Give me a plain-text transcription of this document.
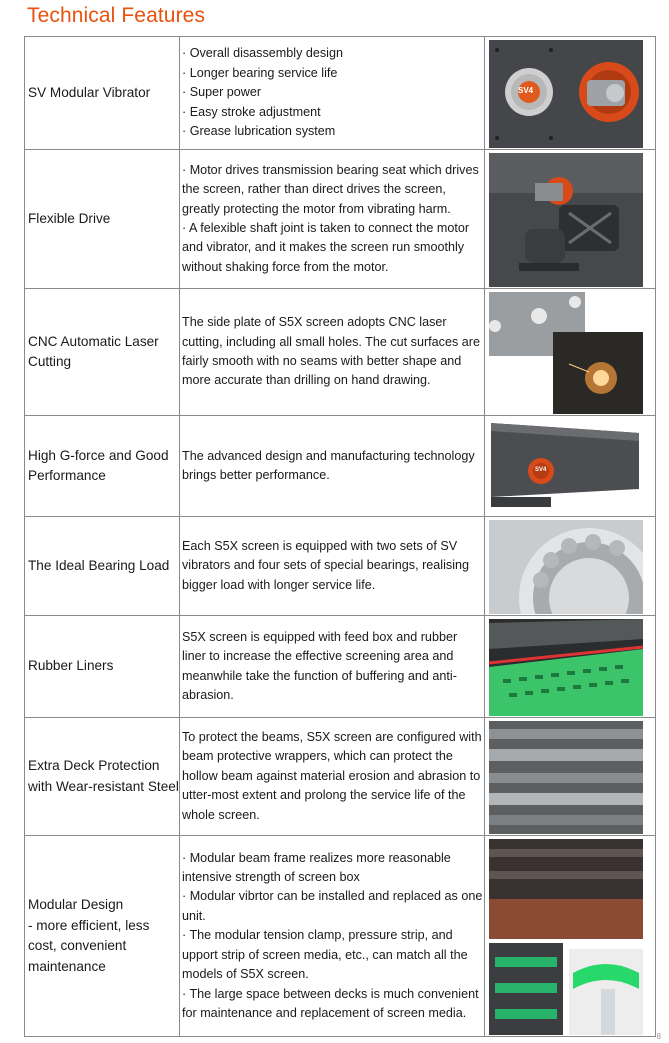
Technical Features
SV Modular Vibrator	· Overall disassembly design
· Longer bearing service life
· Super power
· Easy stroke adjustment
· Grease lubrication system	SV4

Flexible Drive	· Motor drives transmission bearing seat which drives the screen, rather than direct drives the screen, greatly protecting the motor from vibrating harm.
· A felexible shaft joint is taken to connect the motor and vibrator, and it makes the screen run smoothly without shaking force from the motor.	

CNC Automatic Laser Cutting	The side plate of S5X screen adopts CNC laser cutting, including all small holes. The cut surfaces are fairly smooth with no seams with better shape and more accurate than drilling on hand drawing.	

High G-force and Good Performance	The advanced design and manufacturing technology brings better performance.	SV4

The Ideal Bearing Load	Each S5X screen is equipped with two sets of SV vibrators and four sets of special bearings, realising bigger load with longer service life.	

Rubber Liners	S5X screen is equipped with feed box and rubber liner to increase the effective screening area and meanwhile take the function of buffering and anti-abrasion.	

Extra Deck Protection with Wear-resistant Steel	To protect the beams, S5X screen are configured with beam protective wrappers, which can protect the hollow beam against material erosion and abrasion to utter-most extent and prolong the service life of the whole screen.	

Modular Design
- more efficient, less cost, convenient maintenance	· Modular beam frame realizes more reasonable intensive strength of screen box
· Modular vibrtor can be installed and replaced as one unit.
· The modular tension clamp, pressure strip, and upport strip of screen media, etc., can match all the models of S5X screen.
· The large space between decks is much convenient for maintenance and replacement of screen media.	
8
